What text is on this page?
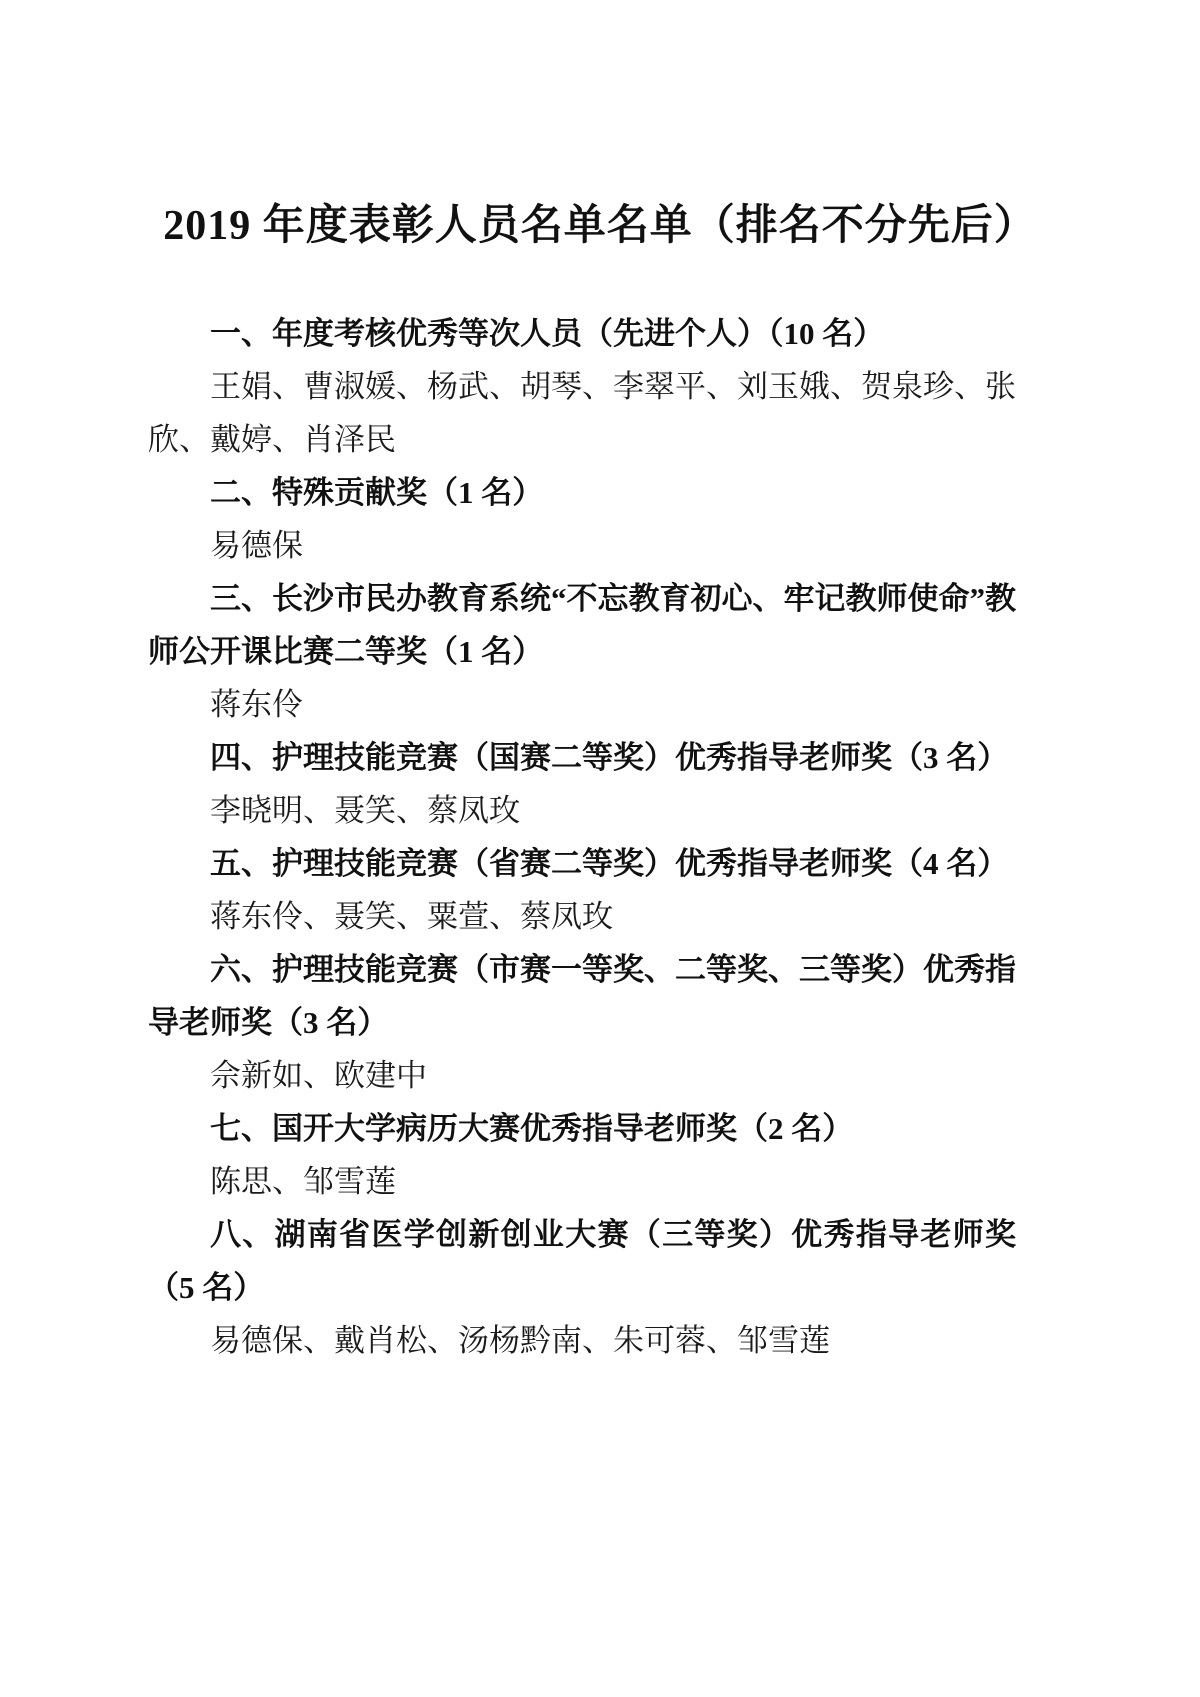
2019 年度表彰人员名单名单（排名不分先后）

一、年度考核优秀等次人员（先进个人）（10 名）

王娟、曹淑媛、杨武、胡琴、李翠平、刘玉娥、贺泉珍、张欣、戴婷、肖泽民

二、特殊贡献奖（1 名）

易德保

三、长沙市民办教育系统“不忘教育初心、牢记教师使命”教师公开课比赛二等奖（1 名）

蒋东伶

四、护理技能竞赛（国赛二等奖）优秀指导老师奖（3 名）

李晓明、聂笑、蔡凤玫

五、护理技能竞赛（省赛二等奖）优秀指导老师奖（4 名）

蒋东伶、聂笑、粟萱、蔡凤玫

六、护理技能竞赛（市赛一等奖、二等奖、三等奖）优秀指导老师奖（3 名）

佘新如、欧建中

七、国开大学病历大赛优秀指导老师奖（2 名）

陈思、邹雪莲

八、湖南省医学创新创业大赛（三等奖）优秀指导老师奖（5 名）

易德保、戴肖松、汤杨黔南、朱可蓉、邹雪莲
